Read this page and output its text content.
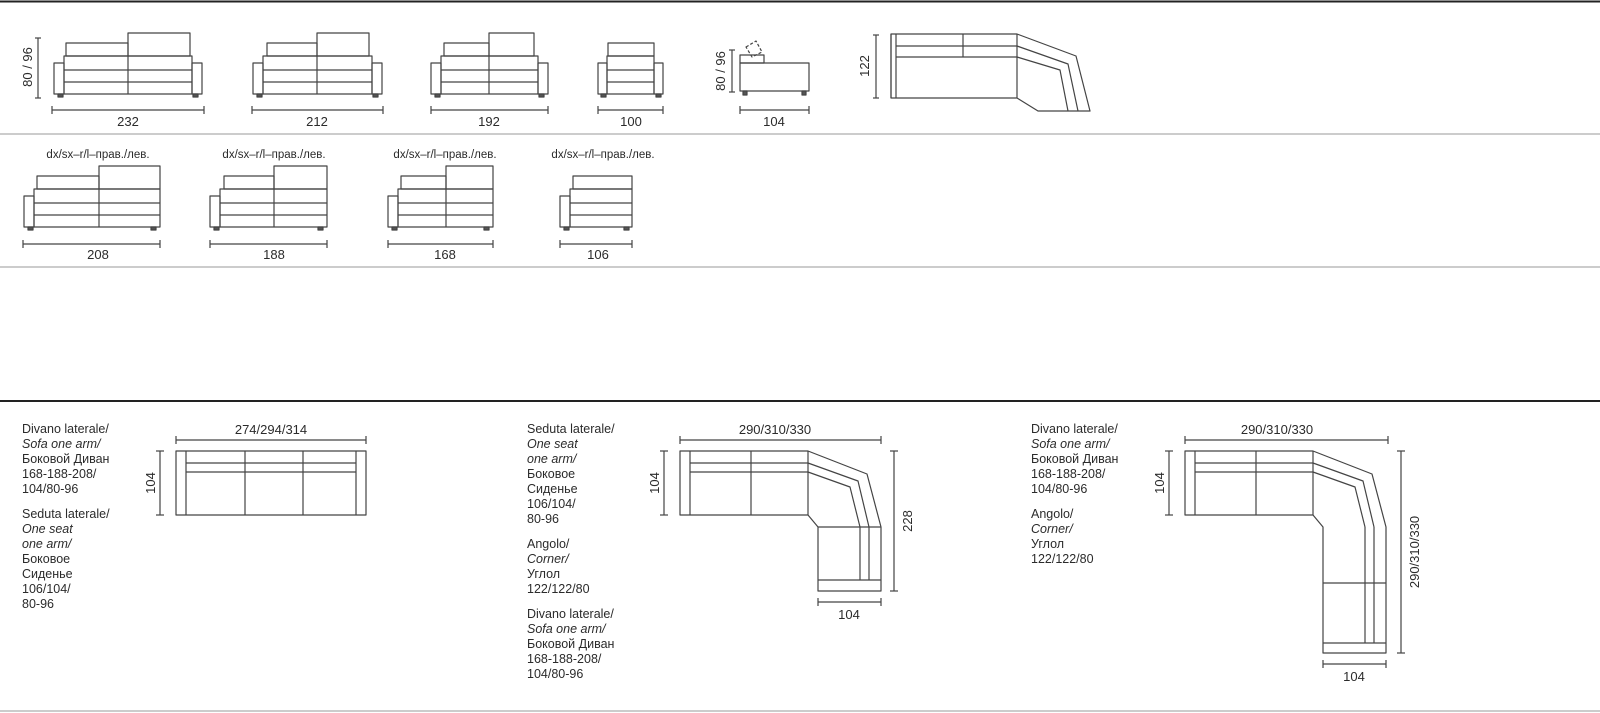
80 / 96
232	212	192	100
80 / 96
104
122
dx/sx–r/l–прав./лев.	dx/sx–r/l–прав./лев.	dx/sx–r/l–прав./лев.	dx/sx–r/l–прав./лев.
208	188	168	106
274/294/314
104
290/310/330
104
228
104
290/310/330
104
290/310/330
104
Divano laterale/
Sofa one arm/
Боковой Диван
168-188-208/
104/80-96
Seduta laterale/
One seat
one arm/
Боковое
Сиденье
106/104/
80-96
Seduta laterale/
One seat
one arm/
Боковое
Сиденье
106/104/
80-96
Angolo/
Corner/
Углол
122/122/80
Divano laterale/
Sofa one arm/
Боковой Диван
168-188-208/
104/80-96
Divano laterale/
Sofa one arm/
Боковой Диван
168-188-208/
104/80-96
Angolo/
Corner/
Углол
122/122/80
